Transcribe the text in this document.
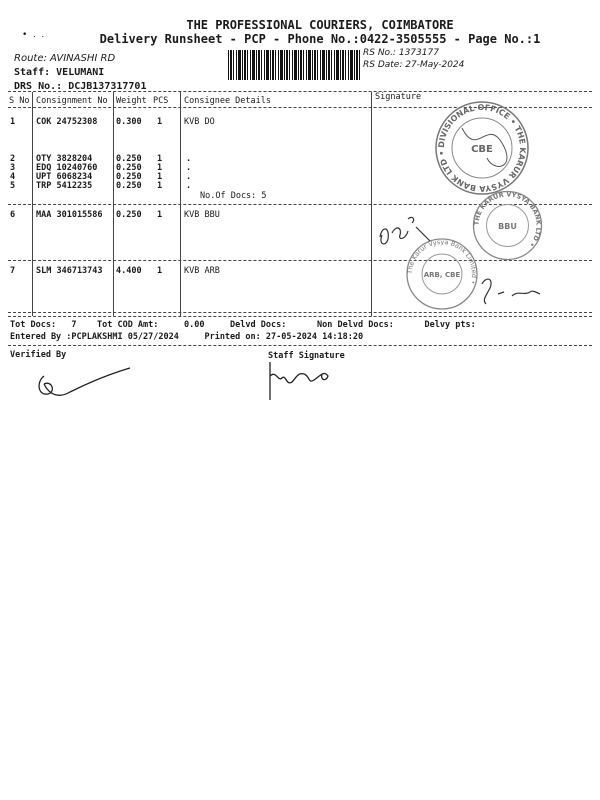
• ․ ․
THE PROFESSIONAL COURIERS, COIMBATORE
Delivery Runsheet - PCP - Phone No.:0422-3505555 - Page No.:1
Route: AVINASHI RD
Staff: VELUMANI
DRS No.: DCJB137317701
RS No.: 1373177
RS Date: 27-May-2024
S No Consignment No Weight PCS Consignee Details	Signature
1 COK 24752308 0.300 1	KVB DO
2 OTY 3828204	0.250 1	.
3 EDQ 10240760 0.250 1	.
4 UPT 6068234	0.250 1	.
5 TRP 5412235	0.250 1	.
No.Of Docs: 5
6 MAA 301015586 0.250 1	KVB BBU
7 SLM 346713743 4.400 1	KVB ARB
DIVISIONAL OFFICE • THE KARUR VYSYA BANK LTD •	CBE
THE KARUR VYSYA BANK LTD •
BBU
The Karur Vysya Bank Limited •
ARB, CBE
Tot Docs:   7    Tot COD Amt:     0.00     Delvd Docs:      Non Delvd Docs:      Delvy pts:
Entered By :PCPLAKSHMI 05/27/2024     Printed on: 27-05-2024 14:18:20
Verified By	Staff Signature
